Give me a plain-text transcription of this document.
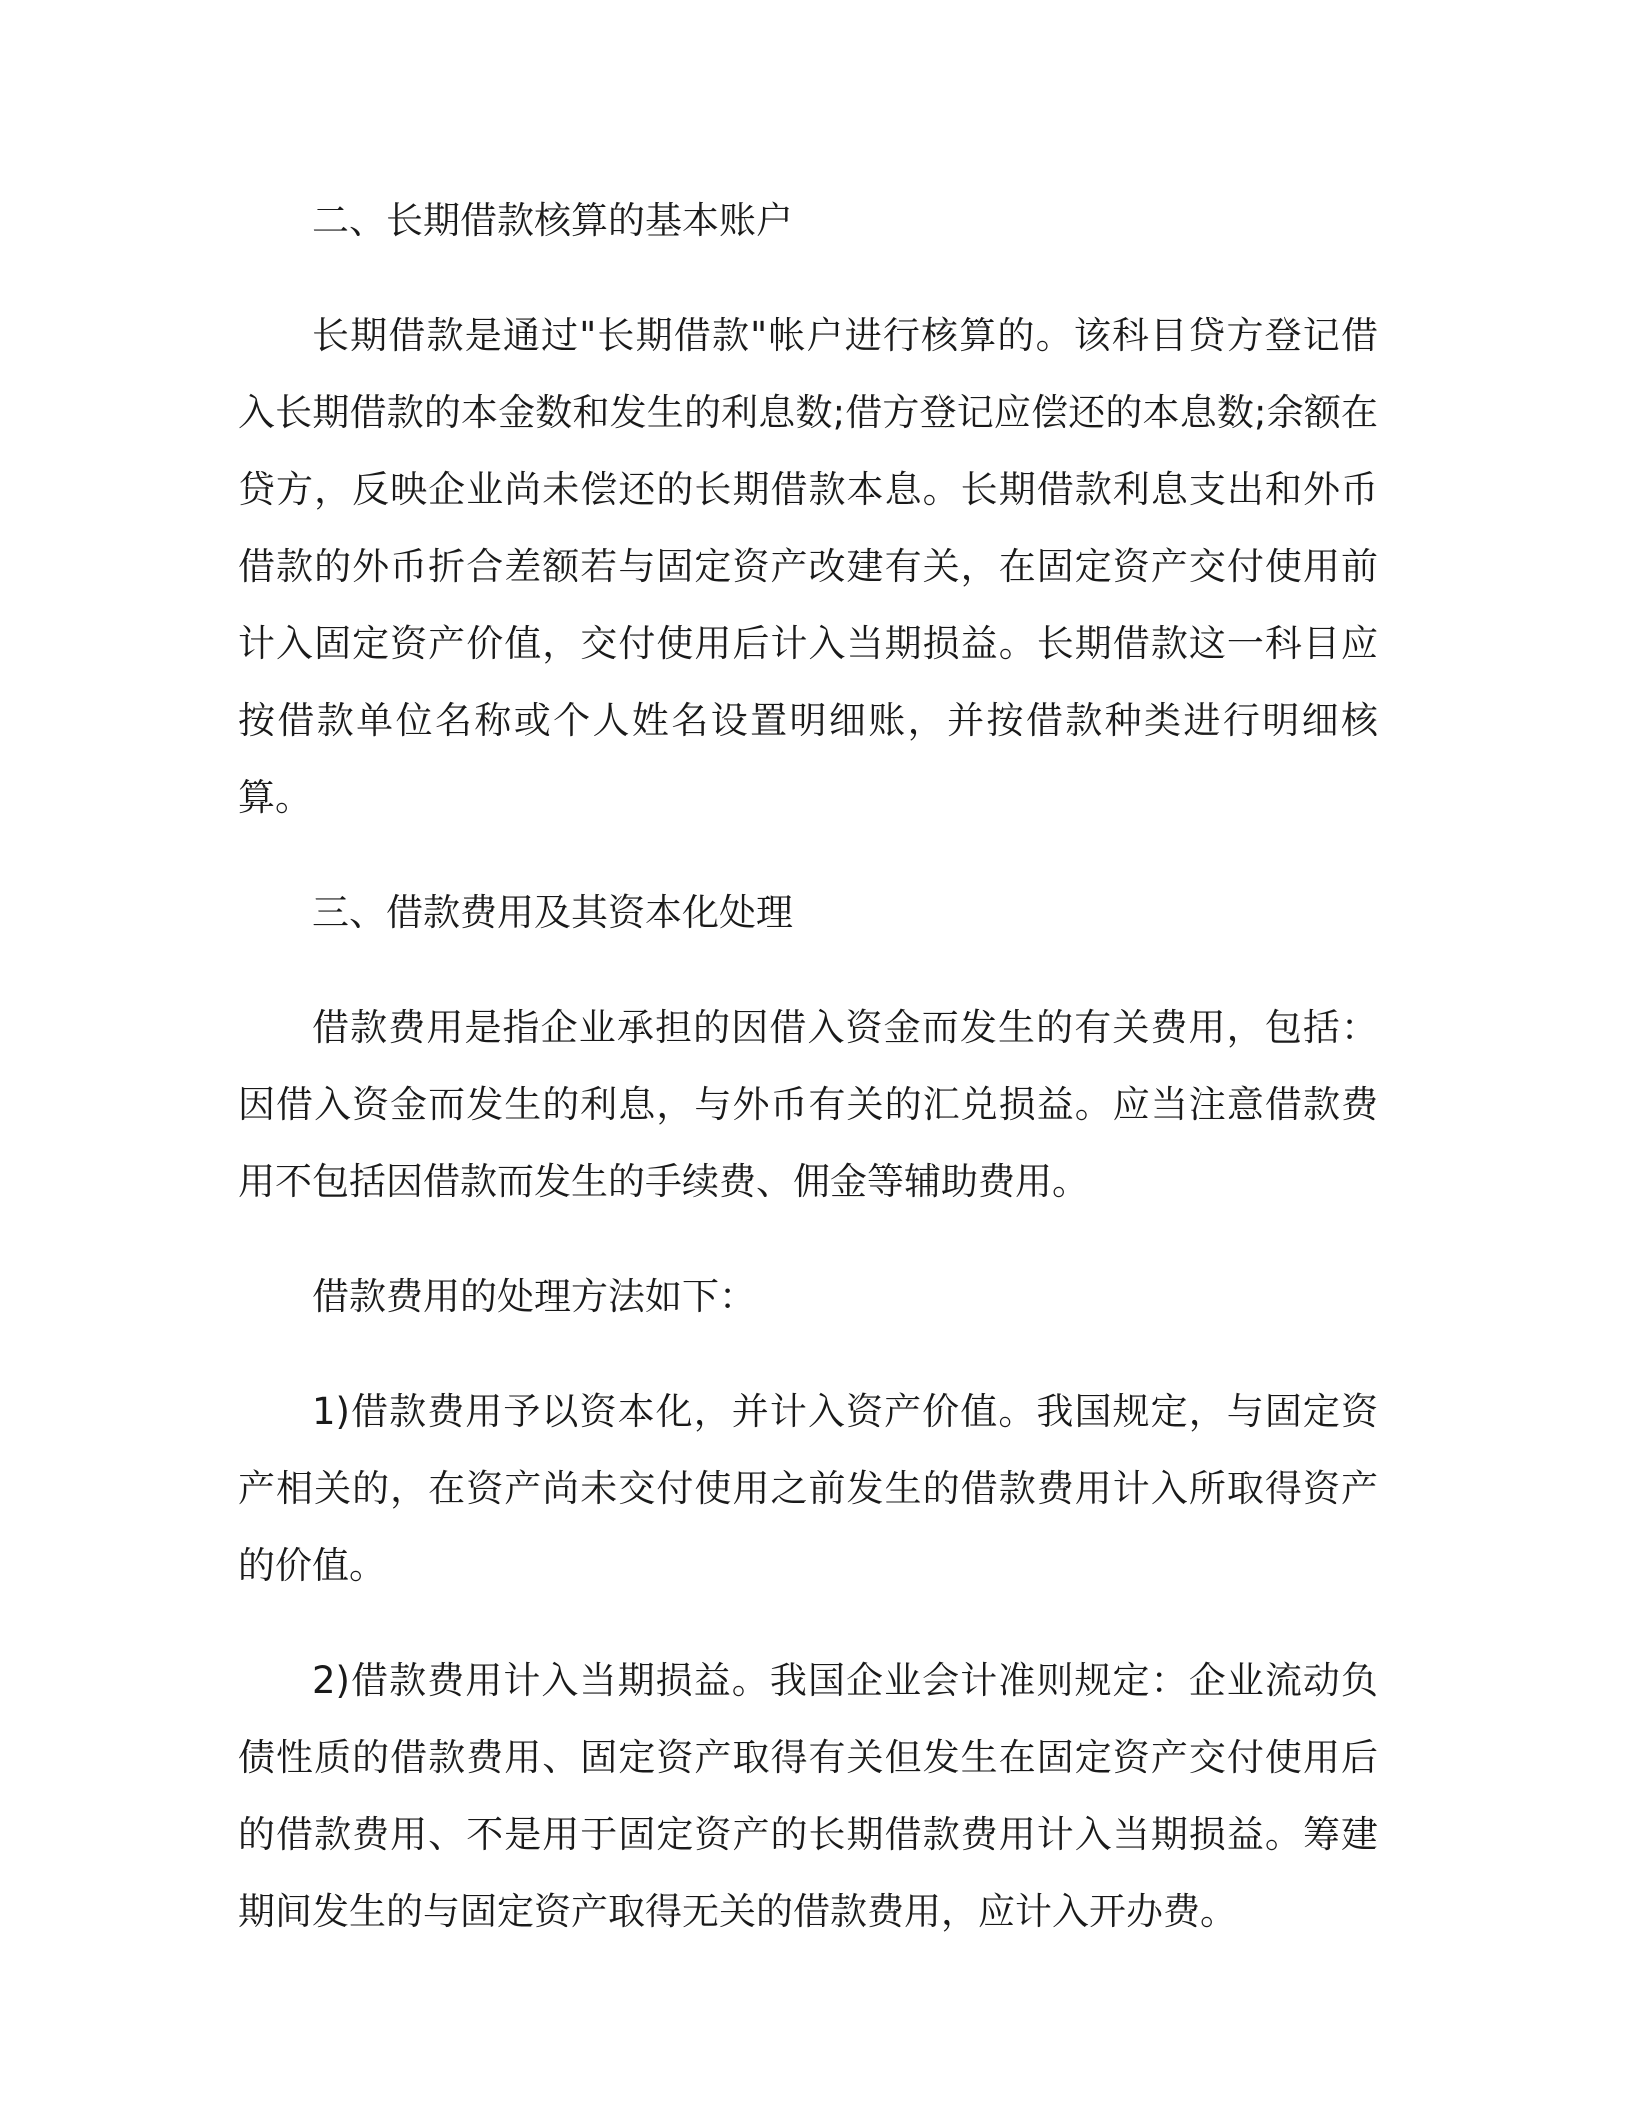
二、长期借款核算的基本账户

长期借款是通过"长期借款"帐户进行核算的。该科目贷方登记借入长期借款的本金数和发生的利息数;借方登记应偿还的本息数;余额在贷方，反映企业尚未偿还的长期借款本息。长期借款利息支出和外币借款的外币折合差额若与固定资产改建有关，在固定资产交付使用前计入固定资产价值，交付使用后计入当期损益。长期借款这一科目应按借款单位名称或个人姓名设置明细账，并按借款种类进行明细核算。

三、借款费用及其资本化处理

借款费用是指企业承担的因借入资金而发生的有关费用，包括：因借入资金而发生的利息，与外币有关的汇兑损益。应当注意借款费用不包括因借款而发生的手续费、佣金等辅助费用。

借款费用的处理方法如下：

1)借款费用予以资本化，并计入资产价值。我国规定，与固定资产相关的，在资产尚未交付使用之前发生的借款费用计入所取得资产的价值。

2)借款费用计入当期损益。我国企业会计准则规定：企业流动负债性质的借款费用、固定资产取得有关但发生在固定资产交付使用后的借款费用、不是用于固定资产的长期借款费用计入当期损益。筹建期间发生的与固定资产取得无关的借款费用，应计入开办费。
